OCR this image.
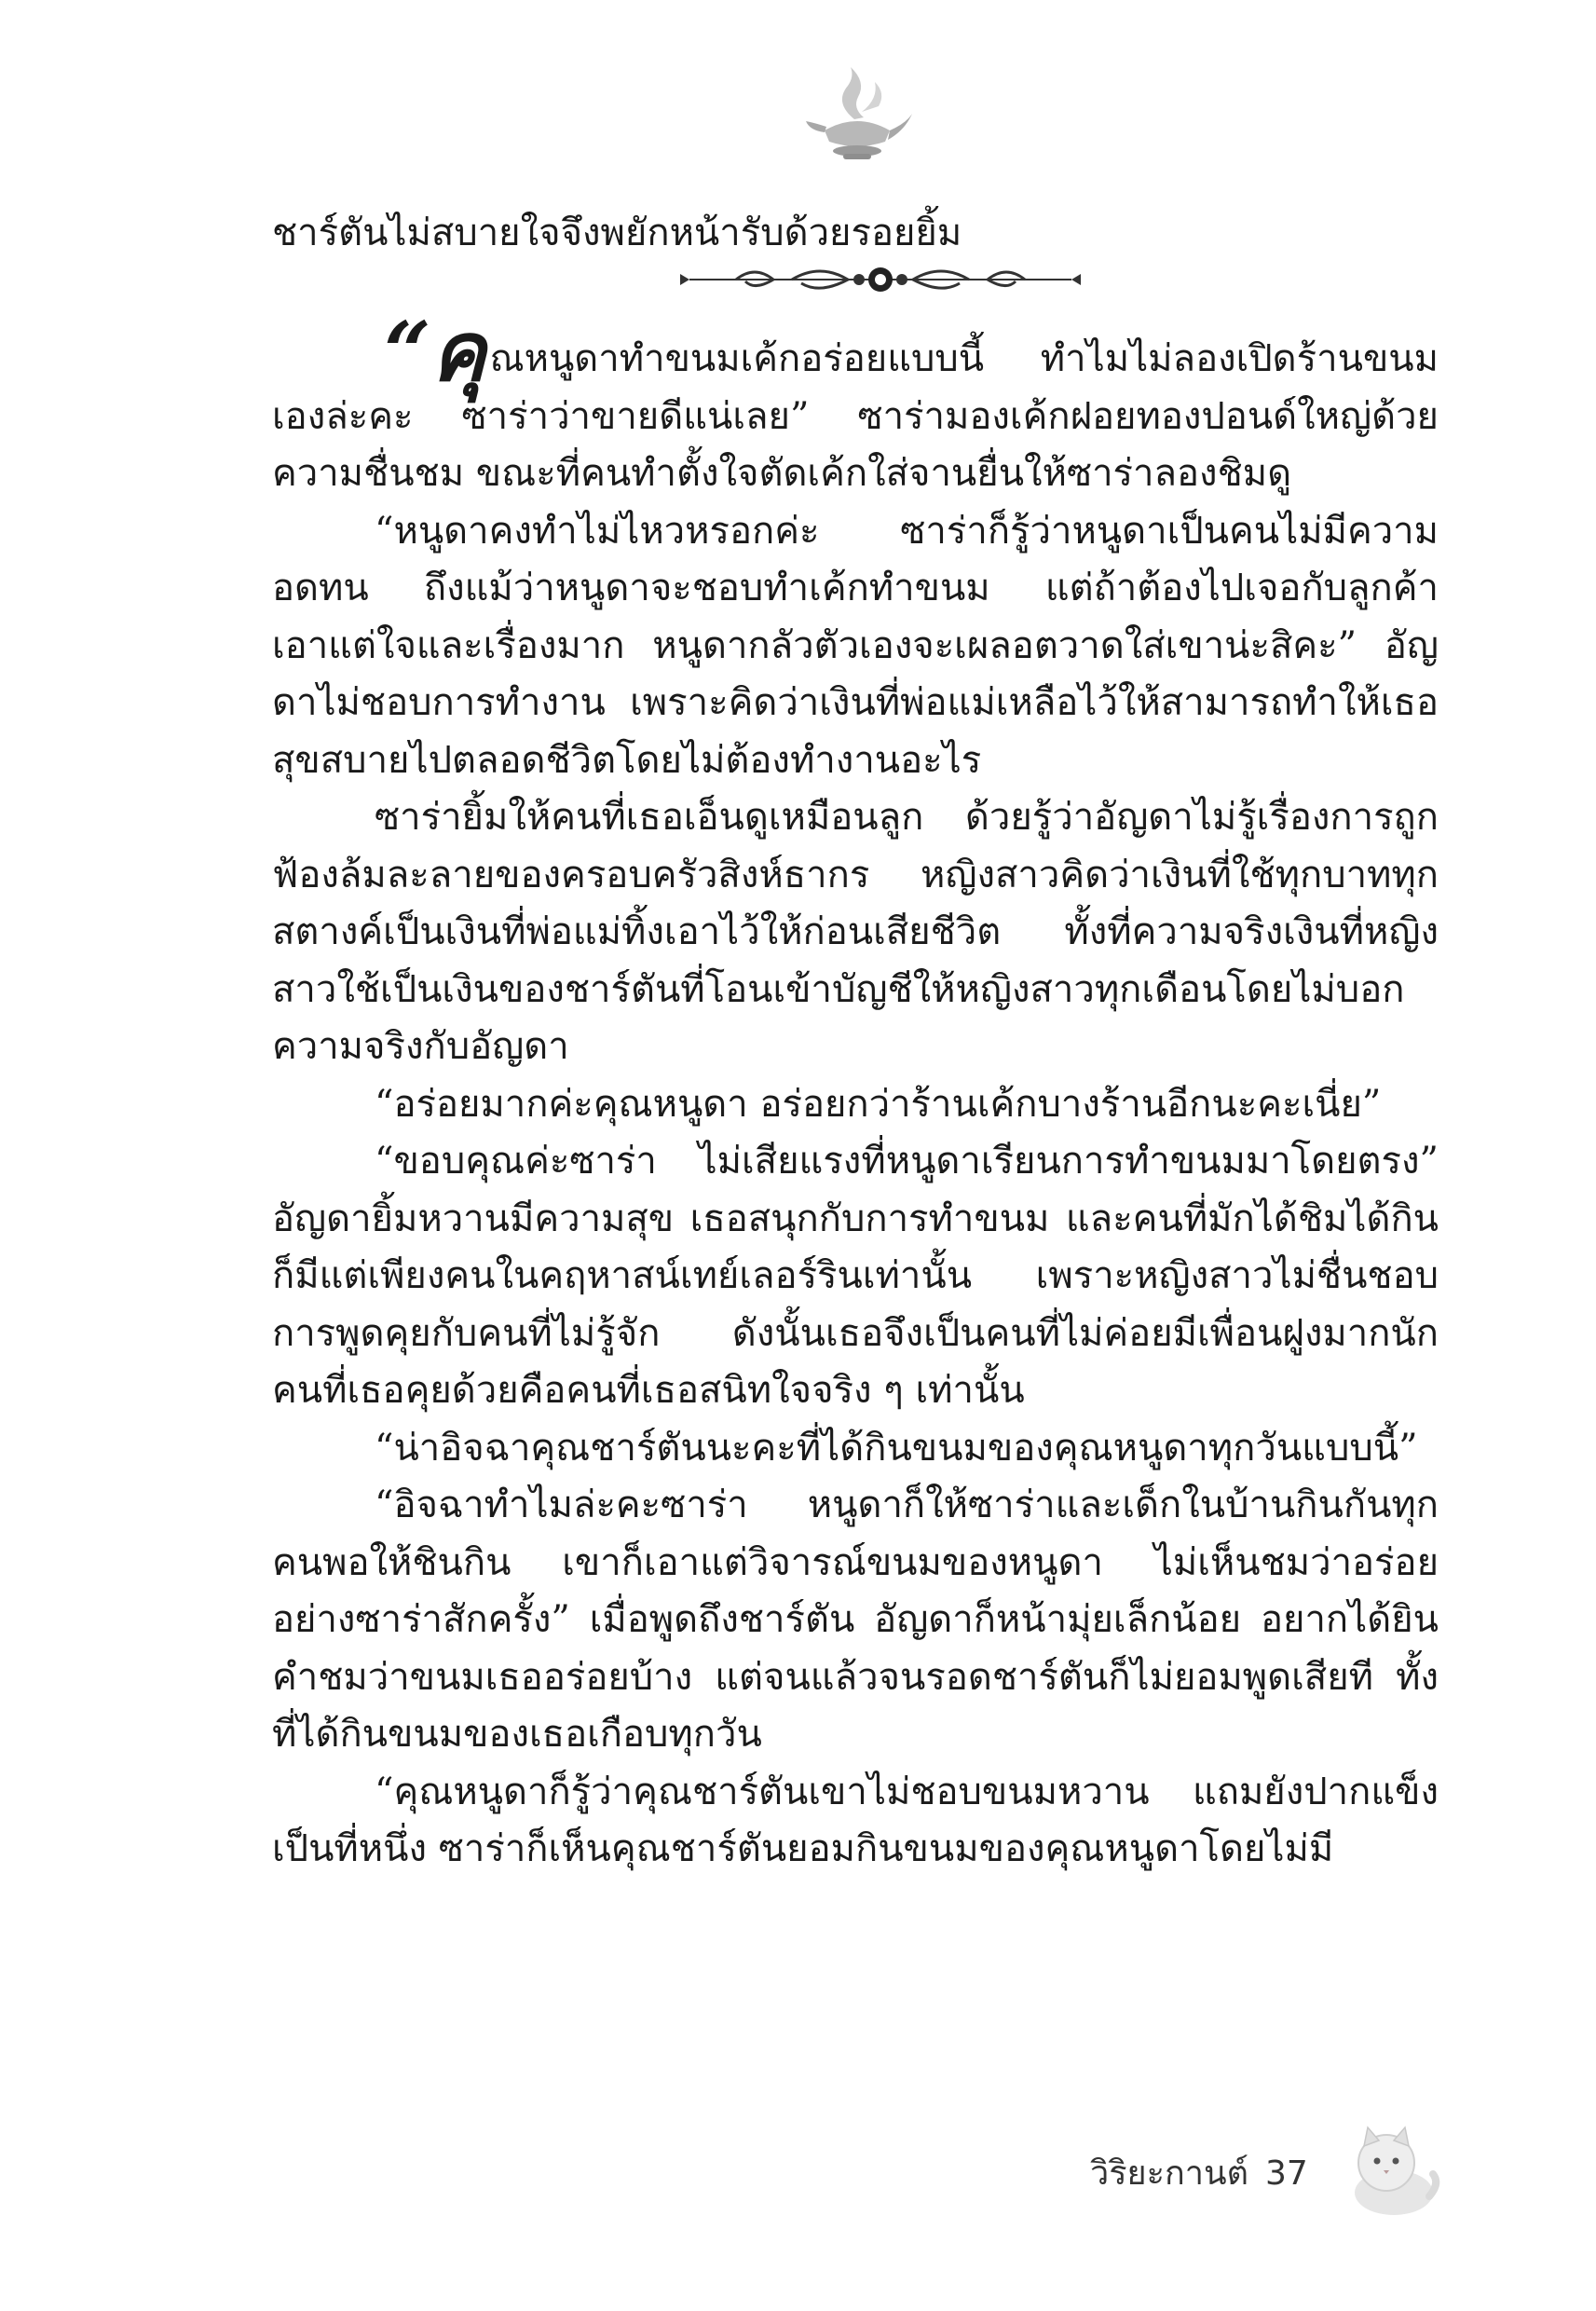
ชาร์ตันไม่สบายใจจึงพยักหน้ารับด้วยรอยยิ้ม

“คุณหนูดาทำขนมเค้กอร่อยแบบนี้ ทำไมไม่ลองเปิดร้านขนมเองล่ะคะ ซาร่าว่าขายดีแน่เลย” ซาร่ามองเค้กฝอยทองปอนด์ใหญ่ด้วยความชื่นชม ขณะที่คนทำตั้งใจตัดเค้กใส่จานยื่นให้ซาร่าลองชิมดู

“หนูดาคงทำไม่ไหวหรอกค่ะ ซาร่าก็รู้ว่าหนูดาเป็นคนไม่มีความอดทน ถึงแม้ว่าหนูดาจะชอบทำเค้กทำขนม แต่ถ้าต้องไปเจอกับลูกค้าเอาแต่ใจและเรื่องมาก หนูดากลัวตัวเองจะเผลอตวาดใส่เขาน่ะสิคะ” อัญดาไม่ชอบการทำงาน เพราะคิดว่าเงินที่พ่อแม่เหลือไว้ให้สามารถทำให้เธอสุขสบายไปตลอดชีวิตโดยไม่ต้องทำงานอะไร

ซาร่ายิ้มให้คนที่เธอเอ็นดูเหมือนลูก ด้วยรู้ว่าอัญดาไม่รู้เรื่องการถูกฟ้องล้มละลายของครอบครัวสิงห์ธากร หญิงสาวคิดว่าเงินที่ใช้ทุกบาททุกสตางค์เป็นเงินที่พ่อแม่ทิ้งเอาไว้ให้ก่อนเสียชีวิต ทั้งที่ความจริงเงินที่หญิงสาวใช้เป็นเงินของชาร์ตันที่โอนเข้าบัญชีให้หญิงสาวทุกเดือนโดยไม่บอกความจริงกับอัญดา

“อร่อยมากค่ะคุณหนูดา อร่อยกว่าร้านเค้กบางร้านอีกนะคะเนี่ย”

“ขอบคุณค่ะซาร่า ไม่เสียแรงที่หนูดาเรียนการทำขนมมาโดยตรง” อัญดายิ้มหวานมีความสุข เธอสนุกกับการทำขนม และคนที่มักได้ชิมได้กินก็มีแต่เพียงคนในคฤหาสน์เทย์เลอร์รินเท่านั้น เพราะหญิงสาวไม่ชื่นชอบการพูดคุยกับคนที่ไม่รู้จัก ดังนั้นเธอจึงเป็นคนที่ไม่ค่อยมีเพื่อนฝูงมากนัก คนที่เธอคุยด้วยคือคนที่เธอสนิทใจจริง ๆ เท่านั้น

“น่าอิจฉาคุณชาร์ตันนะคะที่ได้กินขนมของคุณหนูดาทุกวันแบบนี้”

“อิจฉาทำไมล่ะคะซาร่า หนูดาก็ให้ซาร่าและเด็กในบ้านกินกันทุกคนพอให้ชินกิน เขาก็เอาแต่วิจารณ์ขนมของหนูดา ไม่เห็นชมว่าอร่อยอย่างซาร่าสักครั้ง” เมื่อพูดถึงชาร์ตัน อัญดาก็หน้ามุ่ยเล็กน้อย อยากได้ยินคำชมว่าขนมเธออร่อยบ้าง แต่จนแล้วจนรอดชาร์ตันก็ไม่ยอมพูดเสียที ทั้งที่ได้กินขนมของเธอเกือบทุกวัน

“คุณหนูดาก็รู้ว่าคุณชาร์ตันเขาไม่ชอบขนมหวาน แถมยังปากแข็งเป็นที่หนึ่ง ซาร่าก็เห็นคุณชาร์ตันยอมกินขนมของคุณหนูดาโดยไม่มี

วิริยะกานต์ 37
